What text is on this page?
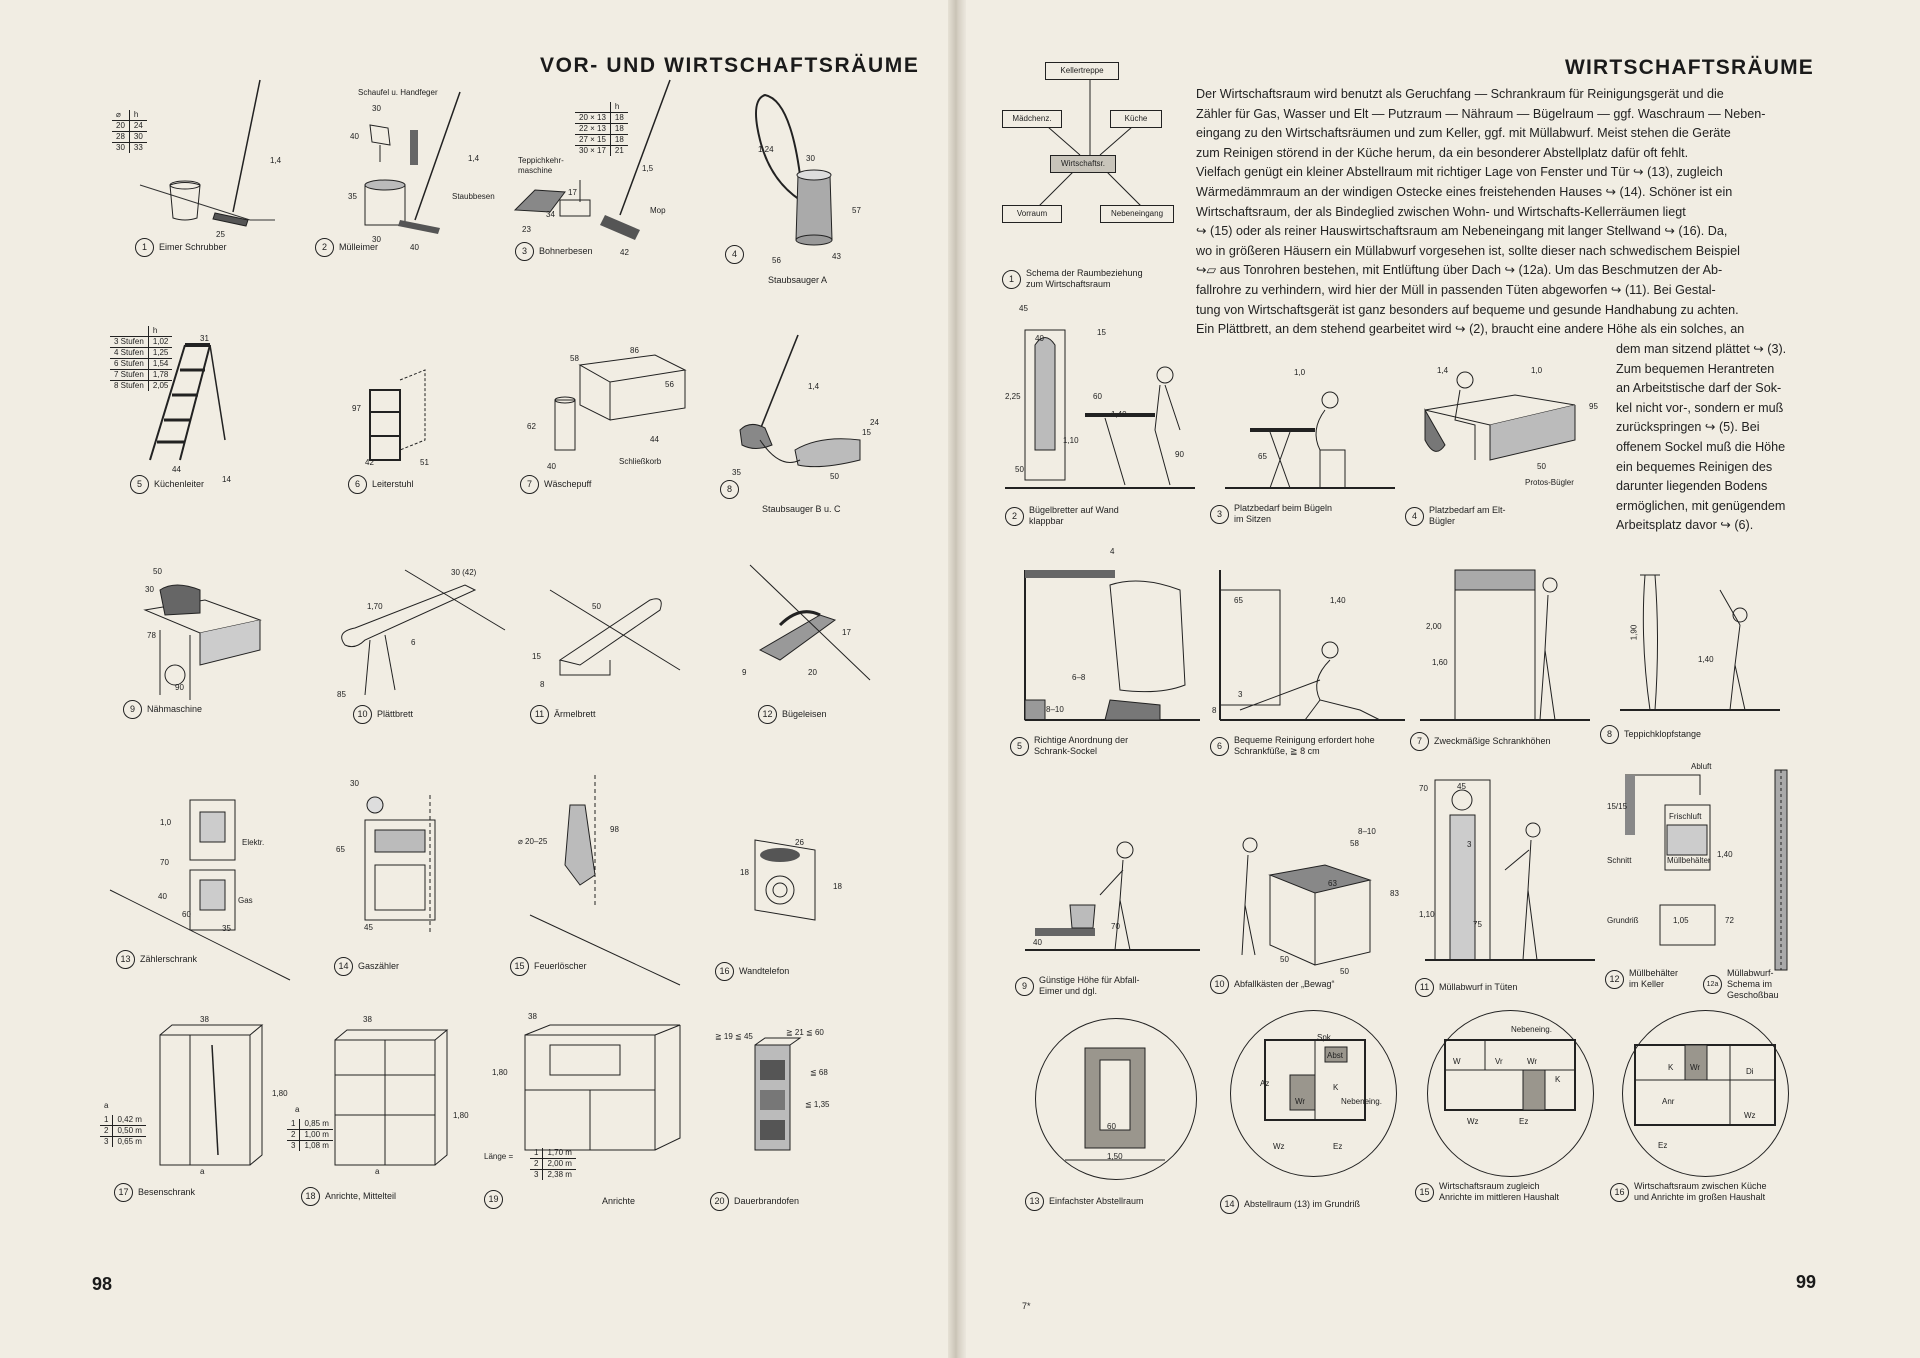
VOR- UND WIRTSCHAFTSRÄUME
98
⌀	h
20	24
28	30
30	33
1,4
25
1 Eimer Schrubber
Schaufel u. Handfeger
30
40
35
30
40
1,4
Staubbesen
2 Mülleimer
	h
20 × 13	18
22 × 13	18
27 × 15	18
30 × 17	21
Teppichkehr-
maschine
17
34
23
Mop
42
1,5
3 Bohnerbesen
1,24
30
57
56	43
4
Staubsauger A
	h
3 Stufen	1,02
4 Stufen	1,25
6 Stufen	1,54
7 Stufen	1,78
8 Stufen	2,05
31
44
14
5 Küchenleiter
97
42	51
6 Leiterstuhl
58
86
56
62
40
44
Schließkorb
7 Wäschepuff
1,4
24
15
35	50
8
Staubsauger B u. C
50
30
78
90
9 Nähmaschine
30 (42)
1,70
6
85
10 Plättbrett
50
15
8
11 Ärmelbrett
17
9	20
12 Bügeleisen
1,0
70
40
60
35
Elektr.
Gas
13 Zählerschrank
30
65
45
14 Gaszähler
⌀ 20–25
98
15 Feuerlöscher
26
18
18
16 Wandtelefon
38
1,80
a
a
1	0,42 m
2	0,50 m
3	0,65 m
17 Besenschrank
38
1,80
a
a
1	0,85 m
2	1,00 m
3	1,08 m
18 Anrichte, Mittelteil
38
1,80
Länge =	1	1,70 m
2	2,00 m
3	2,38 m
19	Anrichte
≧ 19 ≦ 45	≧ 21 ≦ 60
≦ 68
≦ 1,35
20 Dauerbrandofen
WIRTSCHAFTSRÄUME
99
7*
Kellertreppe
Mädchenz.	Küche
Wirtschaftsr.
Vorraum	Nebeneingang
1Schema der Raumbeziehung zum Wirtschaftsraum
Der Wirtschaftsraum wird benutzt als Geruchfang — Schrankraum für Reinigungsgerät und die
Zähler für Gas, Wasser und Elt — Putzraum — Nähraum — Bügelraum — ggf. Waschraum — Neben-
eingang zu den Wirtschaftsräumen und zum Keller, ggf. mit Müllabwurf. Meist stehen die Geräte
zum Reinigen störend in der Küche herum, da ein besonderer Abstellplatz dafür oft fehlt.
Vielfach genügt ein kleiner Abstellraum mit richtiger Lage von Fenster und Tür ↪ (13), zugleich
Wärmedämmraum an der windigen Ostecke eines freistehenden Hauses ↪ (14). Schöner ist ein
Wirtschaftsraum, der als Bindeglied zwischen Wohn- und Wirtschafts-Kellerräumen liegt
↪ (15) oder als reiner Hauswirtschaftsraum am Nebeneingang mit langer Stellwand ↪ (16). Da,
wo in größeren Häusern ein Müllabwurf vorgesehen ist, sollte dieser nach schwedischem Beispiel
↪▱ aus Tonrohren bestehen, mit Entlüftung über Dach ↪ (12a). Um das Beschmutzen der Ab-
fallrohre zu verhindern, wird hier der Müll in passenden Tüten abgeworfen ↪ (11). Bei Gestal-
tung von Wirtschaftsgerät ist ganz besonders auf bequeme und gesunde Handhabung zu achten.
Ein Plättbrett, an dem stehend gearbeitet wird ↪ (2), braucht eine andere Höhe als ein solches, an
dem man sitzend plättet ↪ (3).
Zum bequemen Herantreten
an Arbeitstische darf der Sok-
kel nicht vor-, sondern er muß
zurückspringen ↪ (5). Bei
offenem Sockel muß die Höhe
ein bequemes Reinigen des
darunter liegenden Bodens
ermöglichen, mit genügendem
Arbeitsplatz davor ↪ (6).
45
15
40
2,25	60
1,40
1,10
50
90
2Bügelbretter auf Wand klappbar
1,0
65
3Platzbedarf beim Bügeln im Sitzen
1,4	1,0
95
50
Protos-Bügler
4Platzbedarf am Elt-Bügler
4
6–8
8–10
5Richtige Anordnung der Schrank-Sockel
65	1,40
3
8
6Bequeme Reinigung erfordert hohe Schrankfüße, ≧ 8 cm
2,00
1,60
7 Zweckmäßige Schrankhöhen
1,90
1,40
8 Teppichklopfstange
70
40
9Günstige Höhe für Abfall-Eimer und dgl.
8–10
58
63
83
50
50
10 Abfallkästen der „Bewag“
70	45
3
1,10
75
11 Müllabwurf in Tüten
Abluft
15/15
Frischluft
Schnitt	Müllbehälter
1,40
Grundriß	1,05	72
12Müllbehälter im Keller	12aMüllabwurf-Schema im Geschoßbau
60
1,50
13 Einfachster Abstellraum
Spk
Abst
Az	K
Wr	Nebeneing.
Wz	Ez
14 Abstellraum (13) im Grundriß
Nebeneing.
W	Vr	Wr
K
Wz	Ez
15Wirtschaftsraum zugleich Anrichte im mittleren Haushalt
K Wr	Di
Anr
Wz
Ez
16Wirtschaftsraum zwischen Küche und Anrichte im großen Haushalt
